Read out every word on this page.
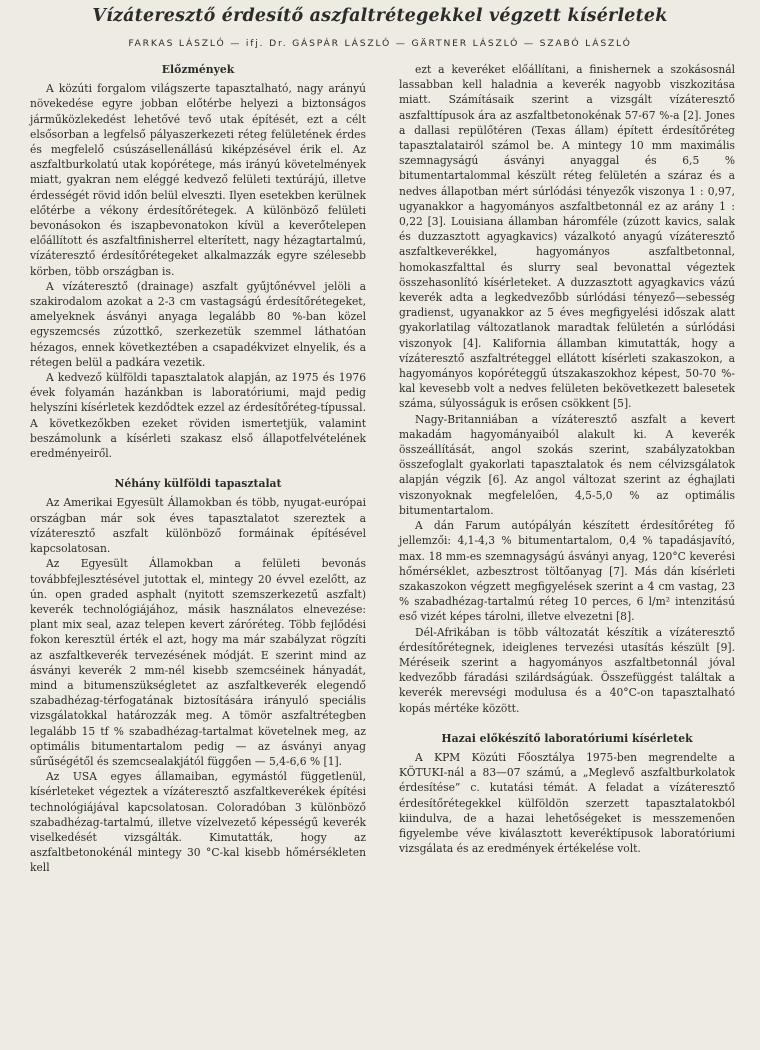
Vízáteresztő érdesítő aszfaltrétegekkel végzett kísérletek
FARKAS LÁSZLÓ — ifj. Dr. GÁSPÁR LÁSZLÓ — GÄRTNER LÁSZLÓ — SZABÓ LÁSZLÓ
Előzmények

A közúti forgalom világszerte tapasztalható, nagy arányú növekedése egyre jobban előtérbe helyezi a biztonságos járműközlekedést lehetővé tevő utak építését, ezt a célt elsősorban a legfelső pályaszerkezeti réteg felületének érdes és megfelelő csúszásellenállású kiképzésével érik el. Az aszfaltburkolatú utak kopórétege, más irányú követelmények miatt, gyakran nem eléggé kedvező felületi textúrájú, illetve érdességét rövid időn belül elveszti. Ilyen esetekben kerülnek előtérbe a vékony érdesítőrétegek. A különböző felületi bevonásokon és iszapbevonatokon kívül a keverőtelepen előállított és aszfaltfinisherrel elterített, nagy hézagtartalmú, vízáteresztő érdesítőrétegeket alkalmazzák egyre szélesebb körben, több országban is.

A vízáteresztő (drainage) aszfalt gyűjtőnévvel jelöli a szakirodalom azokat a 2-3 cm vastagságú érdesítőrétegeket, amelyeknek ásványi anyaga legalább 80 %-ban közel egyszemcsés zúzottkő, szerkezetük szemmel láthatóan hézagos, ennek következtében a csapadékvizet elnyelik, és a rétegen belül a padkára vezetik.

A kedvező külföldi tapasztalatok alapján, az 1975 és 1976 évek folyamán hazánkban is laboratóriumi, majd pedig helyszíni kísérletek kezdődtek ezzel az érdesítőréteg-típussal. A következőkben ezeket röviden ismertetjük, valamint beszámolunk a kísérleti szakasz első állapotfelvételének eredményeiről.

Néhány külföldi tapasztalat

Az Amerikai Egyesült Államokban és több, nyugat-európai országban már sok éves tapasztalatot szereztek a vízáteresztő aszfalt különböző formáinak építésével kapcsolatosan.

Az Egyesült Államokban a felületi bevonás továbbfejlesztésével jutottak el, mintegy 20 évvel ezelőtt, az ún. open graded asphalt (nyitott szemszerkezetű aszfalt) keverék technológiájához, másik használatos elnevezése: plant mix seal, azaz telepen kevert záróréteg. Több fejlődési fokon keresztül érték el azt, hogy ma már szabályzat rögzíti az aszfaltkeverék tervezésének módját. E szerint mind az ásványi keverék 2 mm-nél kisebb szemcséinek hányadát, mind a bitumenszükségletet az aszfaltkeverék elegendő szabadhézag-térfogatának biztosítására irányuló speciális vizsgálatokkal határozzák meg. A tömör aszfaltrétegben legalább 15 tf % szabadhézag-tartalmat követelnek meg, az optimális bitumentartalom pedig — az ásványi anyag sűrűségétől és szemcsealakjától függően — 5,4-6,6 % [1].

Az USA egyes államaiban, egymástól függetlenül, kísérleteket végeztek a vízáteresztő aszfaltkeverékek építési technológiájával kapcsolatosan. Coloradóban 3 különböző szabadhézag-tartalmú, illetve vízelvezető képességű keverék viselkedését vizsgálták. Kimutatták, hogy az aszfaltbetonokénál mintegy 30 °C-kal kisebb hőmérsékleten kell

ezt a keveréket előállítani, a finishernek a szokásosnál lassabban kell haladnia a keverék nagyobb viszkozitása miatt. Számításaik szerint a vizsgált vízáteresztő aszfalttípusok ára az aszfaltbetonokénak 57-67 %-a [2]. Jones a dallasi repülőtéren (Texas állam) épített érdesítőréteg tapasztalatairól számol be. A mintegy 10 mm maximális szemnagyságú ásványi anyaggal és 6,5 % bitumentartalommal készült réteg felületén a száraz és a nedves állapotban mért súrlódási tényezők viszonya 1 : 0,97, ugyanakkor a hagyományos aszfaltbetonnál ez az arány 1 : 0,22 [3]. Louisiana államban háromféle (zúzott kavics, salak és duzzasztott agyagkavics) vázalkotó anyagú vízáteresztő aszfaltkeverékkel, hagyományos aszfaltbetonnal, homokaszfalttal és slurry seal bevonattal végeztek összehasonlító kísérleteket. A duzzasztott agyagkavics vázú keverék adta a legkedvezőbb súrlódási tényező—sebesség gradienst, ugyanakkor az 5 éves megfigyelési időszak alatt gyakorlatilag változatlanok maradtak felületén a súrlódási viszonyok [4]. Kalifornia államban kimutatták, hogy a vízáteresztő aszfaltréteggel ellátott kísérleti szakaszokon, a hagyományos kopóréteggű útszakaszokhoz képest, 50-70 %-kal kevesebb volt a nedves felületen bekövetkezett balesetek száma, súlyosságuk is erősen csökkent [5].

Nagy-Britanniában a vízáteresztő aszfalt a kevert makadám hagyományaiból alakult ki. A keverék összeállítását, angol szokás szerint, szabályzatokban összefoglalt gyakorlati tapasztalatok és nem célvizsgálatok alapján végzik [6]. Az angol változat szerint az éghajlati viszonyoknak megfelelően, 4,5-5,0 % az optimális bitumentartalom.

A dán Farum autópályán készített érdesítőréteg fő jellemzői: 4,1-4,3 % bitumentartalom, 0,4 % tapadásjavító, max. 18 mm-es szemnagyságú ásványi anyag, 120°C keverési hőmérséklet, azbesztrost töltőanyag [7]. Más dán kísérleti szakaszokon végzett megfigyelések szerint a 4 cm vastag, 23 % szabadhézag-tartalmú réteg 10 perces, 6 l/m² intenzitású eső vizét képes tárolni, illetve elvezetni [8].

Dél-Afrikában is több változatát készítik a vízáteresztő érdesítőrétegnek, ideiglenes tervezési utasítás készült [9]. Méréseik szerint a hagyományos aszfaltbetonnál jóval kedvezőbb fáradási szilárdságúak. Összefüggést találtak a keverék merevségi modulusa és a 40°C-on tapasztalható kopás mértéke között.

Hazai előkészítő laboratóriumi kísérletek

A KPM Közúti Főosztálya 1975-ben megrendelte a KÖTUKI-nál a 83—07 számú, a „Meglevő aszfaltburkolatok érdesítése” c. kutatási témát. A feladat a vízáteresztő érdesítőrétegekkel külföldön szerzett tapasztalatokból kiindulva, de a hazai lehetőségeket is messzemenően figyelembe véve kiválasztott keveréktípusok laboratóriumi vizsgálata és az eredmények értékelése volt.
